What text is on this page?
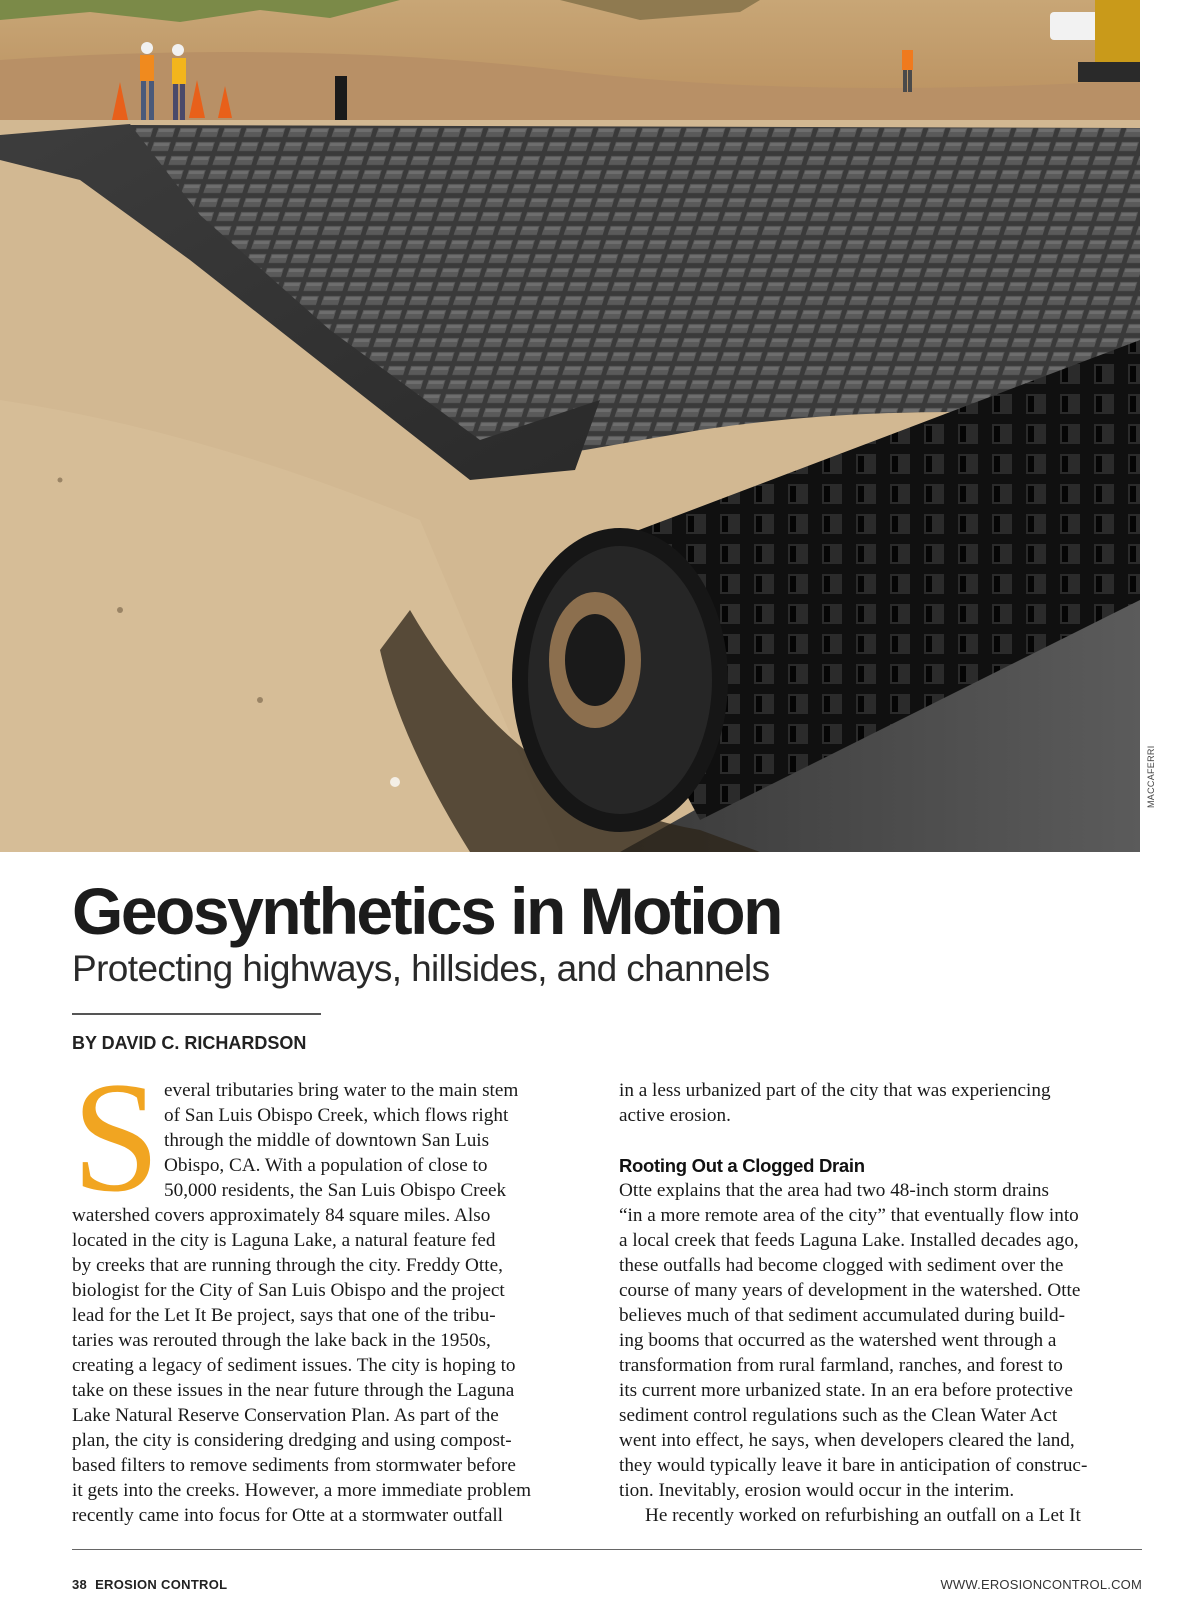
MACCAFERRI
Geosynthetics in Motion
Protecting highways, hillsides, and channels

BY DAVID C. RICHARDSON

S everal tributaries bring water to the main stem
of San Luis Obispo Creek, which flows right
through the middle of downtown San Luis
Obispo, CA. With a population of close to
50,000 residents, the San Luis Obispo Creek
watershed covers approximately 84 square miles. Also
located in the city is Laguna Lake, a natural feature fed
by creeks that are running through the city. Freddy Otte,
biologist for the City of San Luis Obispo and the project
lead for the Let It Be project, says that one of the tribu-
taries was rerouted through the lake back in the 1950s,
creating a legacy of sediment issues. The city is hoping to
take on these issues in the near future through the Laguna
Lake Natural Reserve Conservation Plan. As part of the
plan, the city is considering dredging and using compost-
based filters to remove sediments from stormwater before
it gets into the creeks. However, a more immediate problem
recently came into focus for Otte at a stormwater outfall
in a less urbanized part of the city that was experiencing
active erosion.
Rooting Out a Clogged Drain
Otte explains that the area had two 48-inch storm drains
“in a more remote area of the city” that eventually flow into
a local creek that feeds Laguna Lake. Installed decades ago,
these outfalls had become clogged with sediment over the
course of many years of development in the watershed. Otte
believes much of that sediment accumulated during build-
ing booms that occurred as the watershed went through a
transformation from rural farmland, ranches, and forest to
its current more urbanized state. In an era before protective
sediment control regulations such as the Clean Water Act
went into effect, he says, when developers cleared the land,
they would typically leave it bare in anticipation of construc-
tion. Inevitably, erosion would occur in the interim.
He recently worked on refurbishing an outfall on a Let It
38 EROSION CONTROL	WWW.EROSIONCONTROL.COM
